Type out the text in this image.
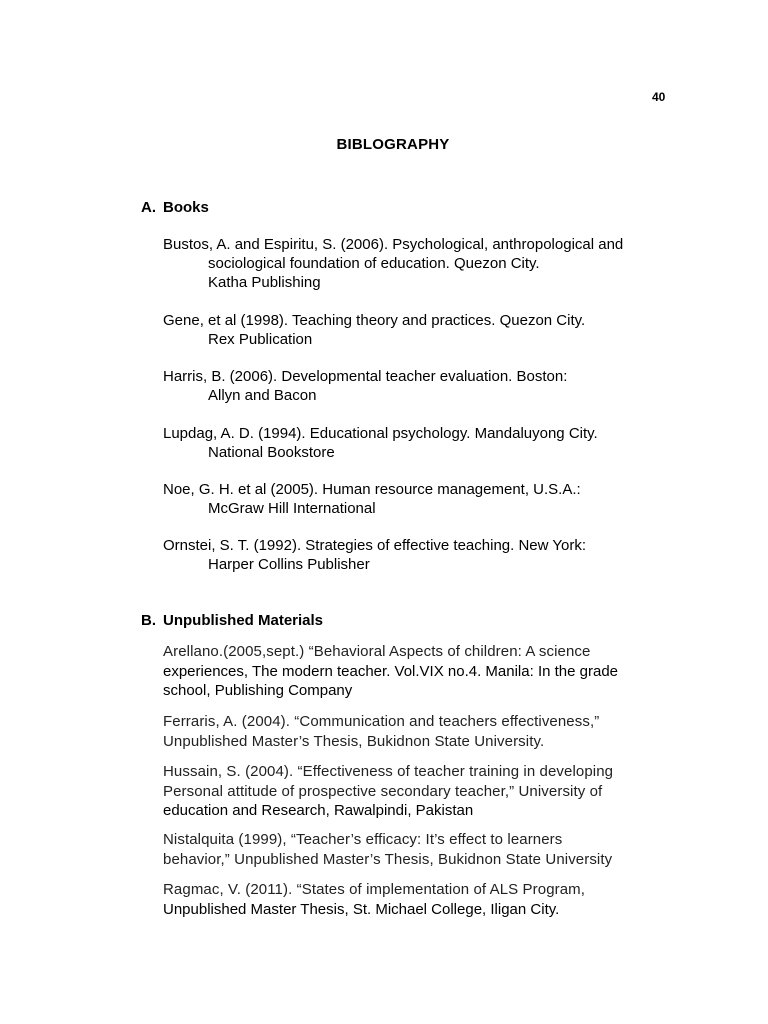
40
BIBLOGRAPHY
A. Books
Bustos, A. and Espiritu, S. (2006). Psychological, anthropological and
sociological foundation of education. Quezon City.
Katha Publishing
Gene, et al (1998). Teaching theory and practices. Quezon City.
Rex Publication
Harris, B. (2006). Developmental teacher evaluation. Boston:
Allyn and Bacon
Lupdag, A. D. (1994). Educational psychology. Mandaluyong City.
National Bookstore
Noe, G. H. et al (2005). Human resource management, U.S.A.:
McGraw Hill International
Ornstei, S. T. (1992). Strategies of effective teaching. New York:
Harper Collins Publisher
B. Unpublished Materials
Arellano.(2005,sept.) “Behavioral Aspects of children: A science
experiences, The modern teacher. Vol.VIX no.4. Manila: In the grade
school, Publishing Company
Ferraris, A. (2004). “Communication and teachers effectiveness,”
Unpublished Master’s Thesis, Bukidnon State University.
Hussain, S. (2004). “Effectiveness of teacher training in developing
Personal attitude of prospective secondary teacher,” University of
education and Research, Rawalpindi, Pakistan
Nistalquita (1999), “Teacher’s efficacy: It’s effect to learners
behavior,” Unpublished Master’s Thesis, Bukidnon State University
Ragmac, V. (2011). “States of implementation of ALS Program,
Unpublished Master Thesis, St. Michael College, Iligan City.
